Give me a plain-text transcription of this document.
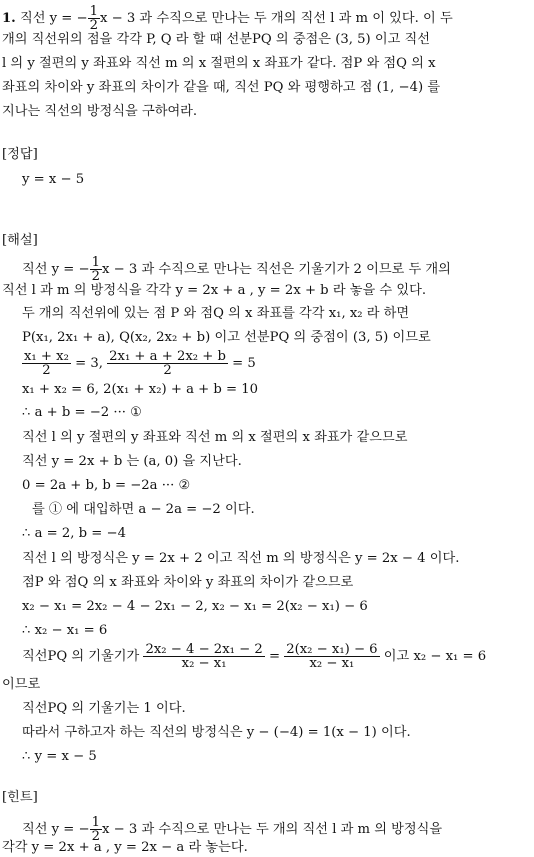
1. 직선 y = − $\frac{1}{2}$ x − 3 과 수직으로 만나는 두 개의 직선 l 과 m 이 있다. 이 두
개의 직선위의 점을 각각 P, Q 라 할 때 선분PQ 의 중점은 (3, 5) 이고 직선
l 의 y 절편의 y 좌표와 직선 m 의 x 절편의 x 좌표가 같다. 점P 와 점Q 의 x
좌표의 차이와 y 좌표의 차이가 같을 때, 직선 PQ 와 평행하고 점 (1, −4) 를
지나는 직선의 방정식을 구하여라.
[정답]
y = x − 5
[해설]
직선 y = − $\frac{1}{2}$ x − 3 과 수직으로 만나는 직선은 기울기가 2 이므로 두 개의
직선 l 과 m 의 방정식을 각각 y = 2x + a , y = 2x + b 라 놓을 수 있다.
두 개의 직선위에 있는 점 P 와 점Q 의 x 좌표를 각각 x₁, x₂ 라 하면
P(x₁, 2x₁ + a), Q(x₂, 2x₂ + b) 이고 선분PQ 의 중점이 (3, 5) 이므로
$\frac{\text{x₁ + x₂}}{2} = 3$, $\frac{\text{2x₁ + a + 2x₂ + b}}{2} = 5$
x₁ + x₂ = 6, 2(x₁ + x₂) + a + b = 10
∴ a + b = −2 ··· ①
직선 l 의 y 절편의 y 좌표와 직선 m 의 x 절편의 x 좌표가 같으므로
직선 y = 2x + b 는 (a, 0) 을 지난다.
0 = 2a + b, b = −2a ··· ②
를 ① 에 대입하면 a − 2a = −2 이다.
∴ a = 2, b = −4
직선 l 의 방정식은 y = 2x + 2 이고 직선 m 의 방정식은 y = 2x − 4 이다.
점P 와 점Q 의 x 좌표와 차이와 y 좌표의 차이가 같으므로
x₂ − x₁ = 2x₂ − 4 − 2x₁ − 2, x₂ − x₁ = 2(x₂ − x₁) − 6
∴ x₂ − x₁ = 6
직선PQ 의 기울기가 $\frac{\text{2x₂ − 4 − 2x₁ − 2}}{\text{x₂ − x₁}} = \frac{\text{2(x₂ − x₁) − 6}}{\text{x₂ − x₁}}$ 이고 x₂ − x₁ = 6
이므로
직선PQ 의 기울기는 1 이다.
따라서 구하고자 하는 직선의 방정식은 y − (−4) = 1(x − 1) 이다.
∴ y = x − 5
[힌트]
직선 y = − $\frac{1}{2}$ x − 3 과 수직으로 만나는 두 개의 직선 l 과 m 의 방정식을
각각 y = 2x + a , y = 2x − a 라 놓는다.
